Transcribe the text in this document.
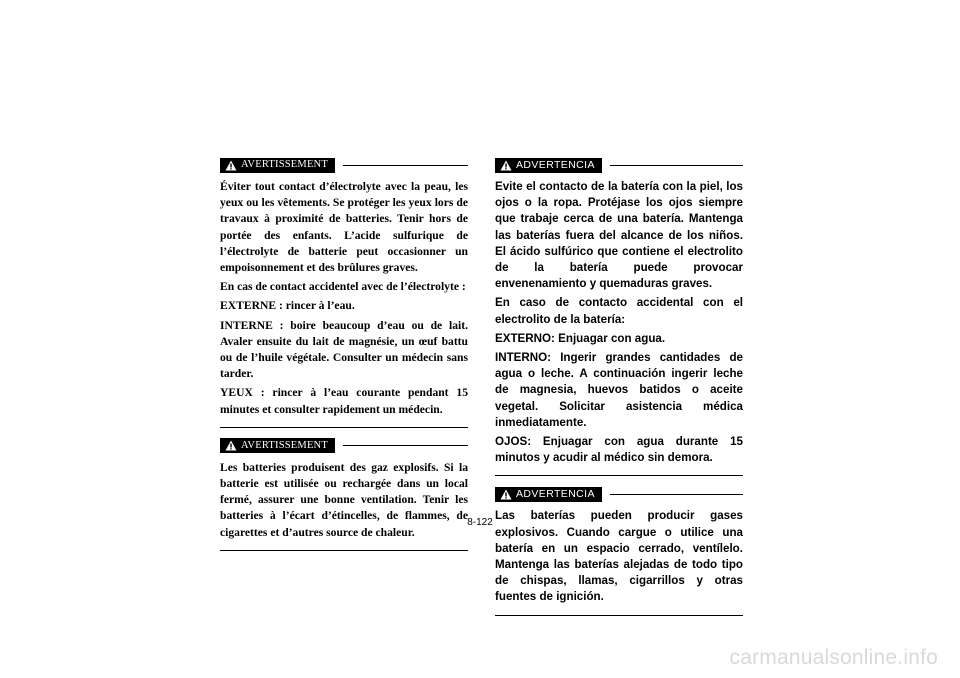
AVERTISSEMENT

Éviter tout contact d’électrolyte avec la peau, les yeux ou les vêtements. Se protéger les yeux lors de travaux à proximité de batteries. Tenir hors de portée des enfants. L’acide sulfurique de l’électrolyte de batterie peut occasionner un empoisonnement et des brûlures graves.

En cas de contact accidentel avec de l’électrolyte :

EXTERNE : rincer à l’eau.

INTERNE : boire beaucoup d’eau ou de lait. Avaler ensuite du lait de magnésie, un œuf battu ou de l’huile végétale. Consulter un médecin sans tarder.

YEUX : rincer à l’eau courante pendant 15 minutes et consulter rapidement un médecin.

AVERTISSEMENT

Les batteries produisent des gaz explosifs. Si la batterie est utilisée ou rechargée dans un local fermé, assurer une bonne ventilation. Tenir les batteries à l’écart d’étincelles, de flammes, de cigarettes et d’autres source de chaleur.

ADVERTENCIA

Evite el contacto de la batería con la piel, los ojos o la ropa. Protéjase los ojos siempre que trabaje cerca de una batería. Mantenga las baterías fuera del alcance de los niños. El ácido sulfúrico que contiene el electrolito de la batería puede provocar envenenamiento y quemaduras graves.

En caso de contacto accidental con el electrolito de la batería:

EXTERNO: Enjuagar con agua.

INTERNO: Ingerir grandes cantidades de agua o leche. A continuación ingerir leche de magnesia, huevos batidos o aceite vegetal. Solicitar asistencia médica inmediatamente.

OJOS: Enjuagar con agua durante 15 minutos y acudir al médico sin demora.

ADVERTENCIA

Las baterías pueden producir gases explosivos. Cuando cargue o utilice una batería en un espacio cerrado, ventílelo. Mantenga las baterías alejadas de todo tipo de chispas, llamas, cigarrillos y otras fuentes de ignición.

8-122
carmanualsonline.info
